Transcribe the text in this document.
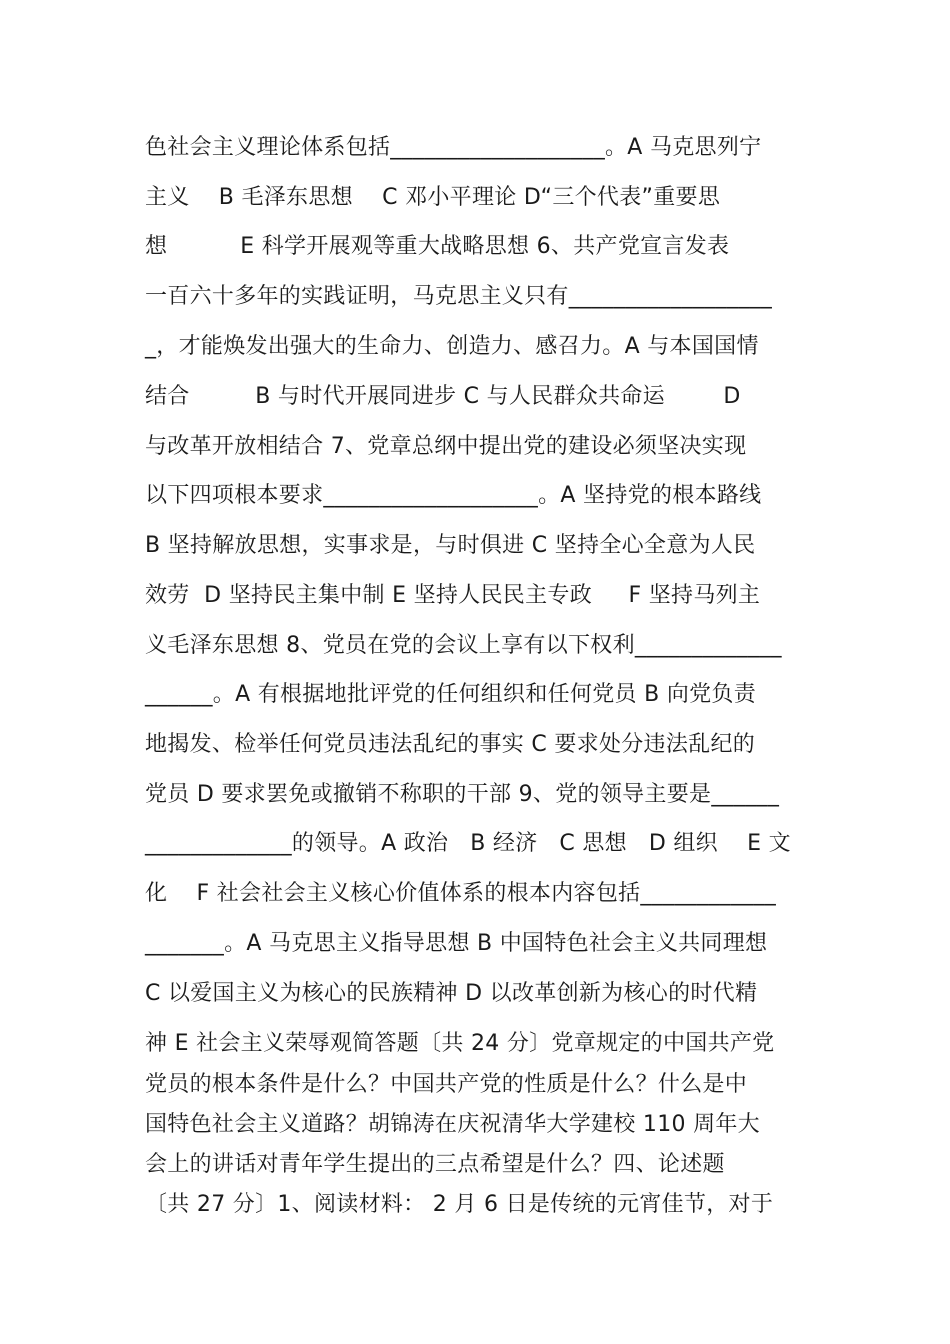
色社会主义理论体系包括___________________。A 马克思列宁
主义    B 毛泽东思想    C 邓小平理论 D“三个代表”重要思
想          E 科学开展观等重大战略思想 6、共产党宣言发表
一百六十多年的实践证明，马克思主义只有__________________
_，才能焕发出强大的生命力、创造力、感召力。A 与本国国情
结合         B 与时代开展同进步 C 与人民群众共命运        D
与改革开放相结合 7、党章总纲中提出党的建设必须坚决实现
以下四项根本要求___________________。A 坚持党的根本路线
B 坚持解放思想，实事求是，与时俱进 C 坚持全心全意为人民
效劳  D 坚持民主集中制 E 坚持人民民主专政     F 坚持马列主
义毛泽东思想 8、党员在党的会议上享有以下权利_____________
______。A 有根据地批评党的任何组织和任何党员 B 向党负责
地揭发、检举任何党员违法乱纪的事实 C 要求处分违法乱纪的
党员 D 要求罢免或撤销不称职的干部 9、党的领导主要是______
_____________的领导。A 政治   B 经济   C 思想   D 组织    E 文
化    F 社会社会主义核心价值体系的根本内容包括____________
_______。A 马克思主义指导思想 B 中国特色社会主义共同理想
C 以爱国主义为核心的民族精神 D 以改革创新为核心的时代精
神 E 社会主义荣辱观简答题〔共 24 分〕党章规定的中国共产党
党员的根本条件是什么？中国共产党的性质是什么？什么是中
国特色社会主义道路？胡锦涛在庆祝清华大学建校 110 周年大
会上的讲话对青年学生提出的三点希望是什么？四、论述题
〔共 27 分〕1、阅读材料： 2 月 6 日是传统的元宵佳节，对于
